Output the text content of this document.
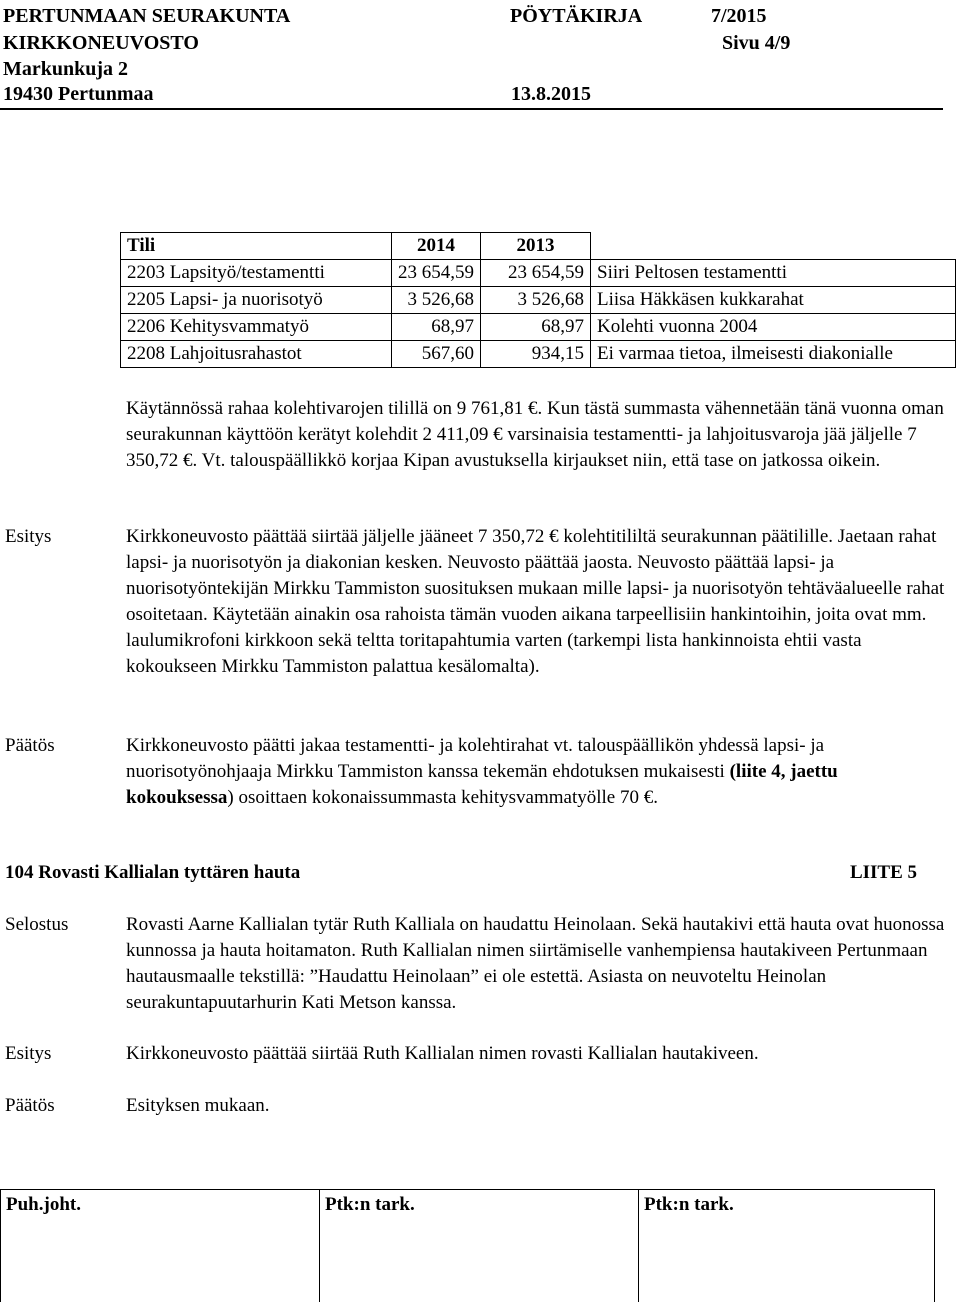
PERTUNMAAN SEURAKUNTA	PÖYTÄKIRJA	7/2015
KIRKKONEUVOSTO	Sivu 4/9
Markunkuja 2
19430 Pertunmaa	13.8.2015
Tili	2014	2013	
2203 Lapsityö/testamentti	23 654,59	23 654,59	Siiri Peltosen testamentti
2205 Lapsi- ja nuorisotyö	3 526,68	3 526,68	Liisa Häkkäsen kukkarahat
2206 Kehitysvammatyö	68,97	68,97	Kolehti vuonna 2004
2208 Lahjoitusrahastot	567,60	934,15	Ei varmaa tietoa, ilmeisesti diakonialle
Käytännössä rahaa kolehtivarojen tilillä on 9 761,81 €. Kun tästä summasta vähennetään tänä vuonna oman seurakunnan käyttöön kerätyt kolehdit 2 411,09 € varsinaisia testamentti- ja lahjoitusvaroja jää jäljelle 7 350,72 €. Vt. talouspäällikkö korjaa Kipan avustuksella kirjaukset niin, että tase on jatkossa oikein.
Esitys	Kirkkoneuvosto päättää siirtää jäljelle jääneet 7 350,72 € kolehtitililtä seurakunnan päätilille. Jaetaan rahat lapsi- ja nuorisotyön ja diakonian kesken. Neuvosto päättää jaosta. Neuvosto päättää lapsi- ja nuorisotyöntekijän Mirkku Tammiston suosituksen mukaan mille lapsi- ja nuorisotyön tehtäväalueelle rahat osoitetaan. Käytetään ainakin osa rahoista tämän vuoden aikana tarpeellisiin hankintoihin, joita ovat mm. laulumikrofoni kirkkoon sekä teltta toritapahtumia varten (tarkempi lista hankinnoista ehtii vasta kokoukseen Mirkku Tammiston palattua kesälomalta).
Päätös	Kirkkoneuvosto päätti jakaa testamentti- ja kolehtirahat vt. talouspäällikön yhdessä lapsi- ja nuorisotyönohjaaja Mirkku Tammiston kanssa tekemän ehdotuksen mukaisesti (liite 4, jaettu kokouksessa) osoittaen kokonaissummasta kehitysvammatyölle 70 €.
104 Rovasti Kallialan tyttären hauta	LIITE 5
Selostus	Rovasti Aarne Kallialan tytär Ruth Kalliala on haudattu Heinolaan. Sekä hautakivi että hauta ovat huonossa kunnossa ja hauta hoitamaton. Ruth Kallialan nimen siirtämiselle vanhempiensa hautakiveen Pertunmaan hautausmaalle tekstillä: ”Haudattu Heinolaan” ei ole estettä. Asiasta on neuvoteltu Heinolan seurakuntapuutarhurin Kati Metson kanssa.
Esitys	Kirkkoneuvosto päättää siirtää Ruth Kallialan nimen rovasti Kallialan hautakiveen.
Päätös	Esityksen mukaan.
Puh.joht.	Ptk:n tark.	Ptk:n tark.
